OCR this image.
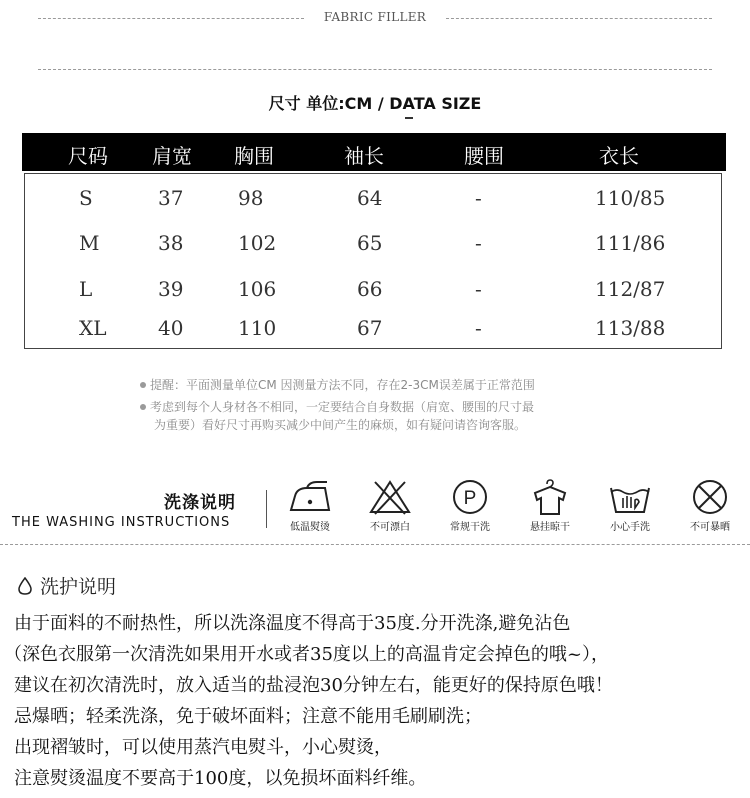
FABRIC FILLER
尺寸 单位:CM / DATA SIZE
尺码 肩宽 胸围	袖长	腰围	衣长
S	37	98	64	-	110/85
M	38	102	65	-	111/86
L	39	106	66	-	112/87
XL	40	110	67	-	113/88
提醒：平面测量单位CM 因测量方法不同，存在2-3CM误差属于正常范围
考虑到每个人身材各不相同，一定要结合自身数据（肩宽、腰围的尺寸最
为重要）看好尺寸再购买减少中间产生的麻烦，如有疑问请咨询客服。
洗涤说明
THE WASHING INSTRUCTIONS	低温熨烫	不可漂白
P
常规干洗	悬挂晾干	小心手洗	不可暴晒
洗护说明
由于面料的不耐热性，所以洗涤温度不得高于35度.分开洗涤,避免沾色
（深色衣服第一次清洗如果用开水或者35度以上的高温肯定会掉色的哦~），
建议在初次清洗时，放入适当的盐浸泡30分钟左右，能更好的保持原色哦！
忌爆晒；轻柔洗涤，免于破坏面料；注意不能用毛刷刷洗；
出现褶皱时，可以使用蒸汽电熨斗，小心熨烫，
注意熨烫温度不要高于100度，以免损坏面料纤维。
